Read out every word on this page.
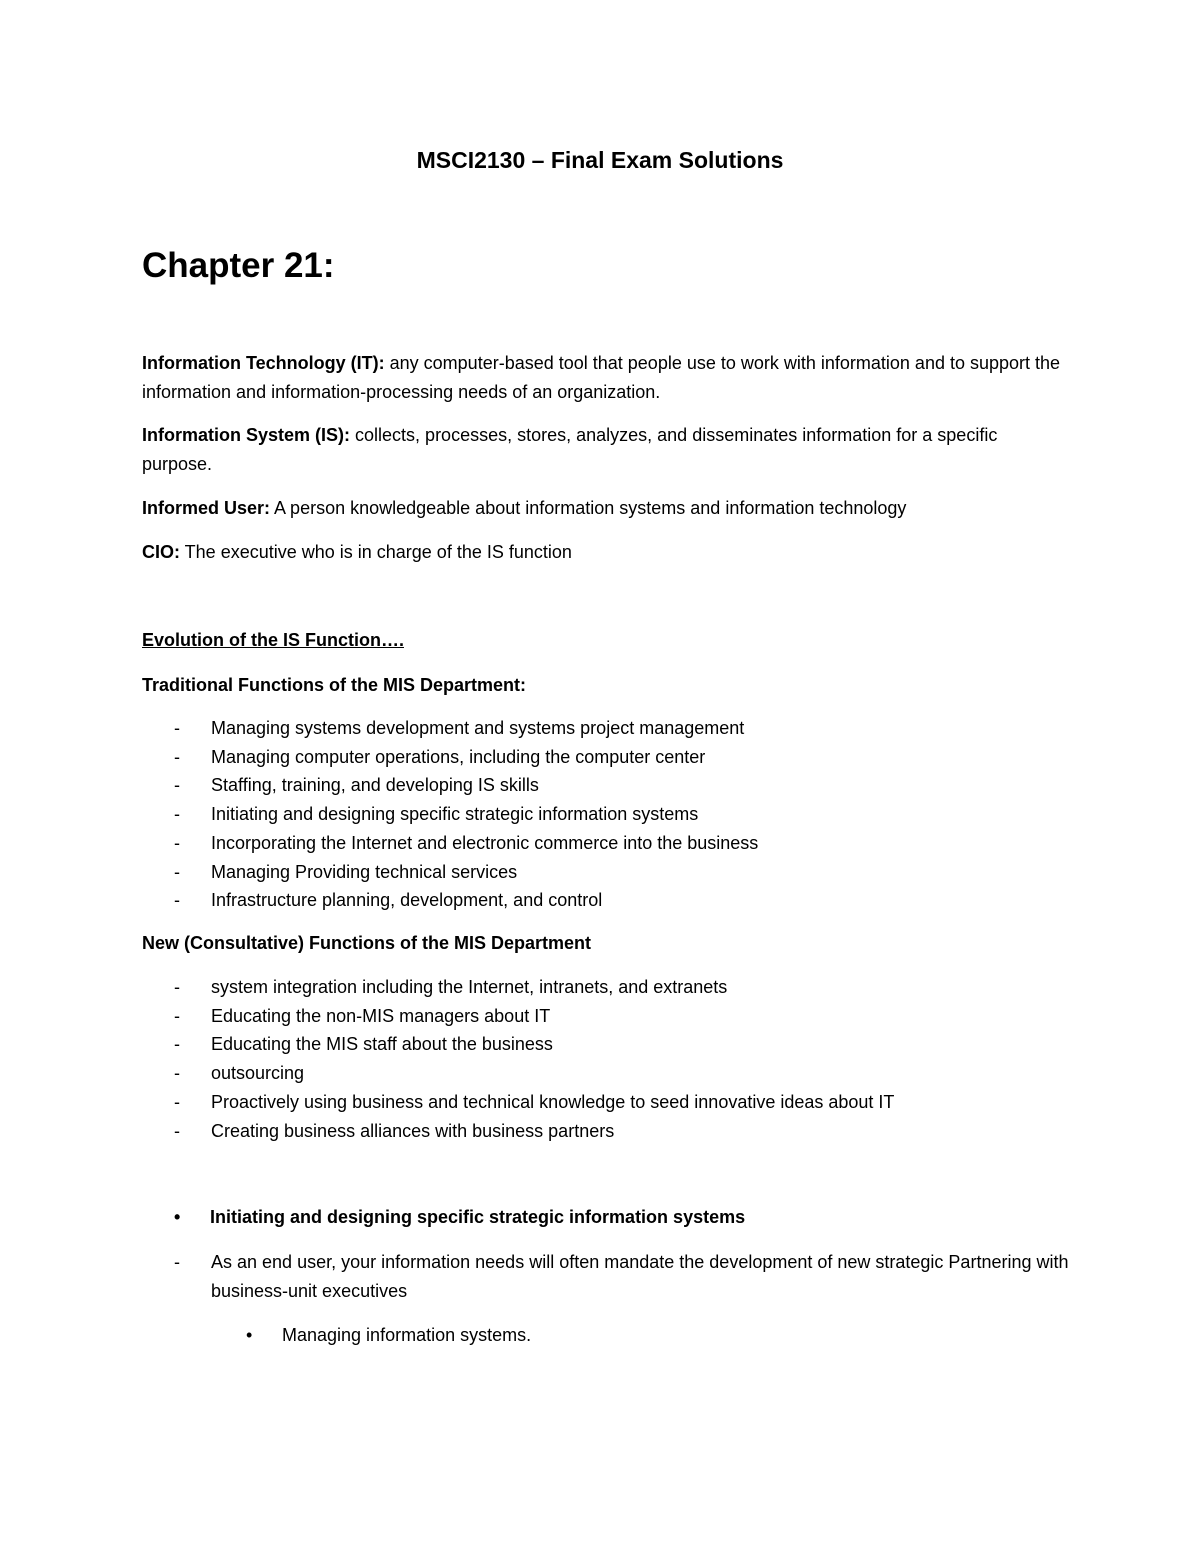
MSCI2130 – Final Exam Solutions
Chapter 21:
Information Technology (IT): any computer-based tool that people use to work with information and to support the information and information-processing needs of an organization.
Information System (IS): collects, processes, stores, analyzes, and disseminates information for a specific purpose.
Informed User: A person knowledgeable about information systems and information technology
CIO: The executive who is in charge of the IS function
Evolution of the IS Function….
Traditional Functions of the MIS Department:
- Managing systems development and systems project management
- Managing computer operations, including the computer center
- Staffing, training, and developing IS skills
- Initiating and designing specific strategic information systems
- Incorporating the Internet and electronic commerce into the business
- Managing Providing technical services
- Infrastructure planning, development, and control
New (Consultative) Functions of the MIS Department
- system integration including the Internet, intranets, and extranets
- Educating the non-MIS managers about IT
- Educating the MIS staff about the business
- outsourcing
- Proactively using business and technical knowledge to seed innovative ideas about IT
- Creating business alliances with business partners
• Initiating and designing specific strategic information systems
- As an end user, your information needs will often mandate the development of new strategic Partnering with business-unit executives
• Managing information systems.
